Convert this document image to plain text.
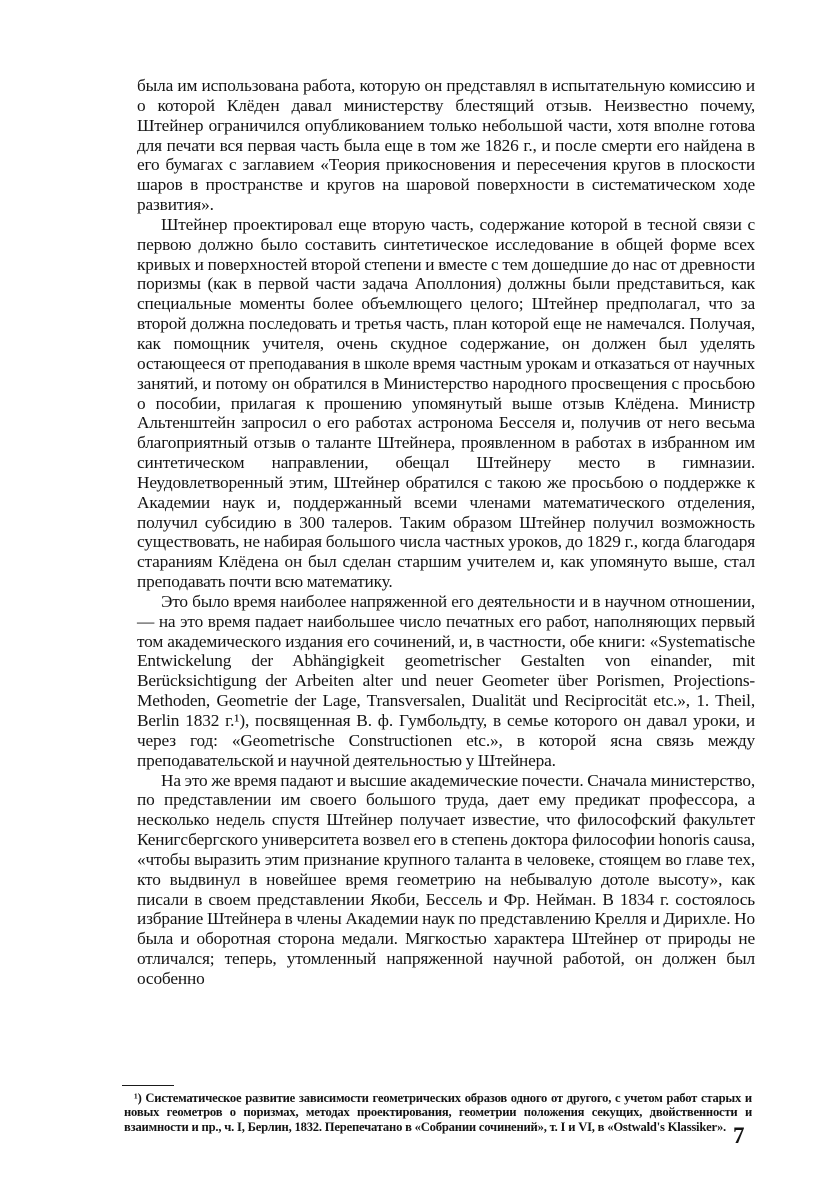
была им использована работа, которую он представлял в испытательную комиссию и о которой Клёден давал министерству блестящий отзыв. Неизвестно почему, Штейнер ограничился опубликованием только небольшой части, хотя вполне готова для печати вся первая часть была еще в том же 1826 г., и после смерти его найдена в его бумагах с заглавием «Теория прикосновения и пересечения кругов в плоскости шаров в пространстве и кругов на шаровой поверхности в систематическом ходе развития».

Штейнер проектировал еще вторую часть, содержание которой в тесной связи с первою должно было составить синтетическое исследование в общей форме всех кривых и поверхностей второй степени и вместе с тем дошедшие до нас от древности поризмы (как в первой части задача Аполлония) должны были представиться, как специальные моменты более объемлющего целого; Штейнер предполагал, что за второй должна последовать и третья часть, план которой еще не намечался. Получая, как помощник учителя, очень скудное содержание, он должен был уделять остающееся от преподавания в школе время частным урокам и отказаться от научных занятий, и потому он обратился в Министерство народного просвещения с просьбою о пособии, прилагая к прошению упомянутый выше отзыв Клёдена. Министр Альтенштейн запросил о его работах астронома Бесселя и, получив от него весьма благоприятный отзыв о таланте Штейнера, проявленном в работах в избранном им синтетическом направлении, обещал Штейнеру место в гимназии. Неудовлетворенный этим, Штейнер обратился с такою же просьбою о поддержке к Академии наук и, поддержанный всеми членами математического отделения, получил субсидию в 300 талеров. Таким образом Штейнер получил возможность существовать, не набирая большого числа частных уроков, до 1829 г., когда благодаря стараниям Клёдена он был сделан старшим учителем и, как упомянуто выше, стал преподавать почти всю математику.

Это было время наиболее напряженной его деятельности и в научном отношении, — на это время падает наибольшее число печатных его работ, наполняющих первый том академического издания его сочинений, и, в частности, обе книги: «Systematische Entwickelung der Abhängigkeit geometrischer Gestalten von einander, mit Berücksichtigung der Arbeiten alter und neuer Geometer über Porismen, Projections-Methoden, Geometrie der Lage, Transversalen, Dualität und Reciprocität etc.», 1. Theil, Berlin 1832 г.¹), посвященная В. ф. Гумбольдту, в семье которого он давал уроки, и через год: «Geometrische Constructionen etc.», в которой ясна связь между преподавательской и научной деятельностью у Штейнера.

На это же время падают и высшие академические почести. Сначала министерство, по представлении им своего большого труда, дает ему предикат профессора, а несколько недель спустя Штейнер получает известие, что философский факультет Кенигсбергского университета возвел его в степень доктора философии honoris causa, «чтобы выразить этим признание крупного таланта в человеке, стоящем во главе тех, кто выдвинул в новейшее время геометрию на небывалую дотоле высоту», как писали в своем представлении Якоби, Бессель и Фр. Нейман. В 1834 г. состоялось избрание Штейнера в члены Академии наук по представлению Крелля и Дирихле. Но была и оборотная сторона медали. Мягкостью характера Штейнер от природы не отличался; теперь, утомленный напряженной научной работой, он должен был особенно

¹) Систематическое развитие зависимости геометрических образов одного от другого, с учетом работ старых и новых геометров о поризмах, методах проектирования, геометрии положения секущих, двойственности и взаимности и пр., ч. I, Берлин, 1832. Перепечатано в «Собрании сочинений», т. I и VI, в «Ostwald's Klassiker». 7
